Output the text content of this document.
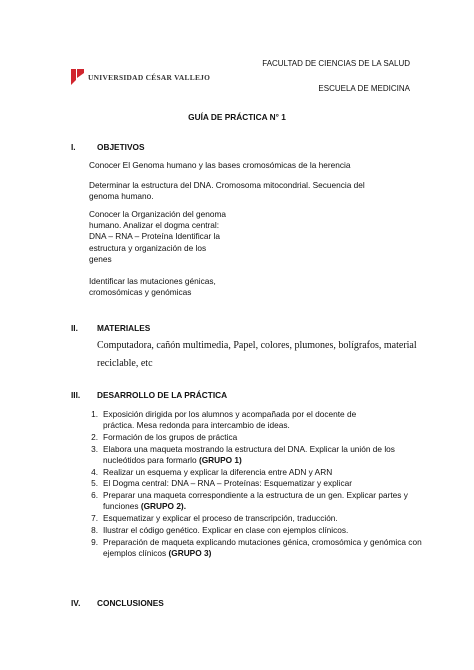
FACULTAD DE CIENCIAS DE LA SALUD
ESCUELA DE MEDICINA
UNIVERSIDAD CÉSAR VALLEJO
GUÍA DE PRÁCTICA N° 1
I.	OBJETIVOS
Conocer El Genoma humano y las bases cromosómicas de la herencia
Determinar la estructura del DNA. Cromosoma mitocondrial. Secuencia del
genoma humano.
Conocer la Organización del genoma
humano. Analizar el dogma central:
DNA – RNA – Proteína Identificar la
estructura y organización de los
genes
Identificar las mutaciones génicas,
cromosómicas y genómicas
II. MATERIALES
Computadora, cañón multimedia, Papel, colores, plumones, bolígrafos, material
reciclable, etc
III. DESARROLLO DE LA PRÁCTICA
1. Exposición dirigida por los alumnos y acompañada por el docente de
práctica. Mesa redonda para intercambio de ideas.
2. Formación de los grupos de práctica
3. Elabora una maqueta mostrando la estructura del DNA. Explicar la unión de los
nucleótidos para formarlo (GRUPO 1)
4. Realizar un esquema y explicar la diferencia entre ADN y ARN
5. El Dogma central: DNA – RNA – Proteínas: Esquematizar y explicar
6. Preparar una maqueta correspondiente a la estructura de un gen. Explicar partes y
funciones (GRUPO 2).
7. Esquematizar y explicar el proceso de transcripción, traducción.
8. Ilustrar el código genético. Explicar en clase con ejemplos clínicos.
9. Preparación de maqueta explicando mutaciones génica, cromosómica y genómica con
ejemplos clínicos (GRUPO 3)
IV. CONCLUSIONES
